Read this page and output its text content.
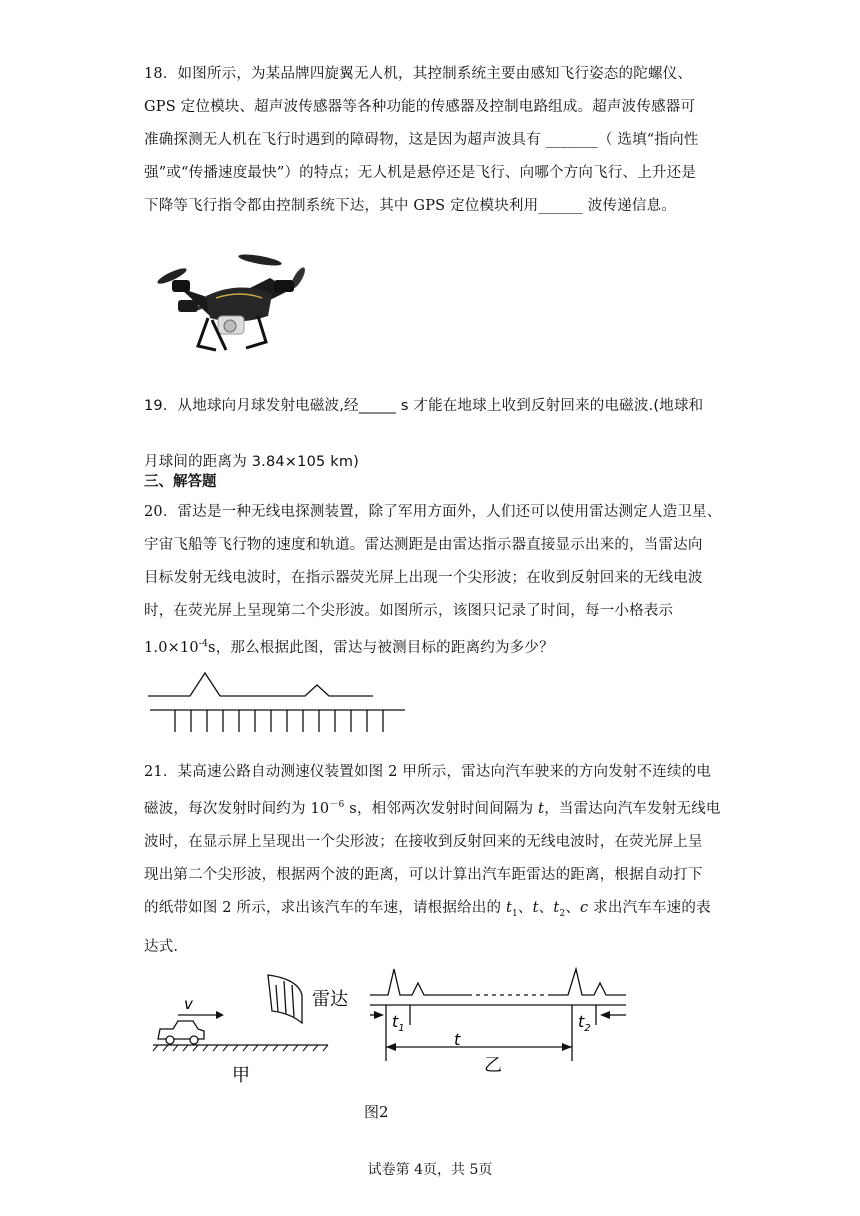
18．如图所示，为某品牌四旋翼无人机，其控制系统主要由感知飞行姿态的陀螺仪、
GPS 定位模块、超声波传感器等各种功能的传感器及控制电路组成。超声波传感器可
准确探测无人机在飞行时遇到的障碍物，这是因为超声波具有 _______（ 选填“指向性
强”或“传播速度最快”）的特点；无人机是悬停还是飞行、向哪个方向飞行、上升还是
下降等飞行指令都由控制系统下达，其中 GPS 定位模块利用______ 波传递信息。
19．从地球向月球发射电磁波,经_____ s 才能在地球上收到反射回来的电磁波.(地球和
月球间的距离为 3.84×105 km)
三、解答题
20．雷达是一种无线电探测装置，除了军用方面外，人们还可以使用雷达测定人造卫星、
宇宙飞船等飞行物的速度和轨道。雷达测距是由雷达指示器直接显示出来的，当雷达向
目标发射无线电波时，在指示器荧光屏上出现一个尖形波；在收到反射回来的无线电波
时，在荧光屏上呈现第二个尖形波。如图所示，该图只记录了时间，每一小格表示
$1.0\times 10^{-4}s$，那么根据此图，雷达与被测目标的距离约为多少？
21．某高速公路自动测速仪装置如图 2 甲所示，雷达向汽车驶来的方向发射不连续的电
磁波，每次发射时间约为 $10^{-6}$ s，相邻两次发射时间间隔为 t，当雷达向汽车发射无线电
波时，在显示屏上呈现出一个尖形波；在接收到反射回来的无线电波时，在荧光屏上呈
现出第二个尖形波，根据两个波的距离，可以计算出汽车距雷达的距离，根据自动打下
的纸带如图 2 所示，求出该汽车的车速，请根据给出的 $t_1$、t、$t_2$、c 求出汽车车速的表
达式.
v	雷达
甲
$t_1$	$t_2$
t
乙
图2
试卷第 4页，共 5页
